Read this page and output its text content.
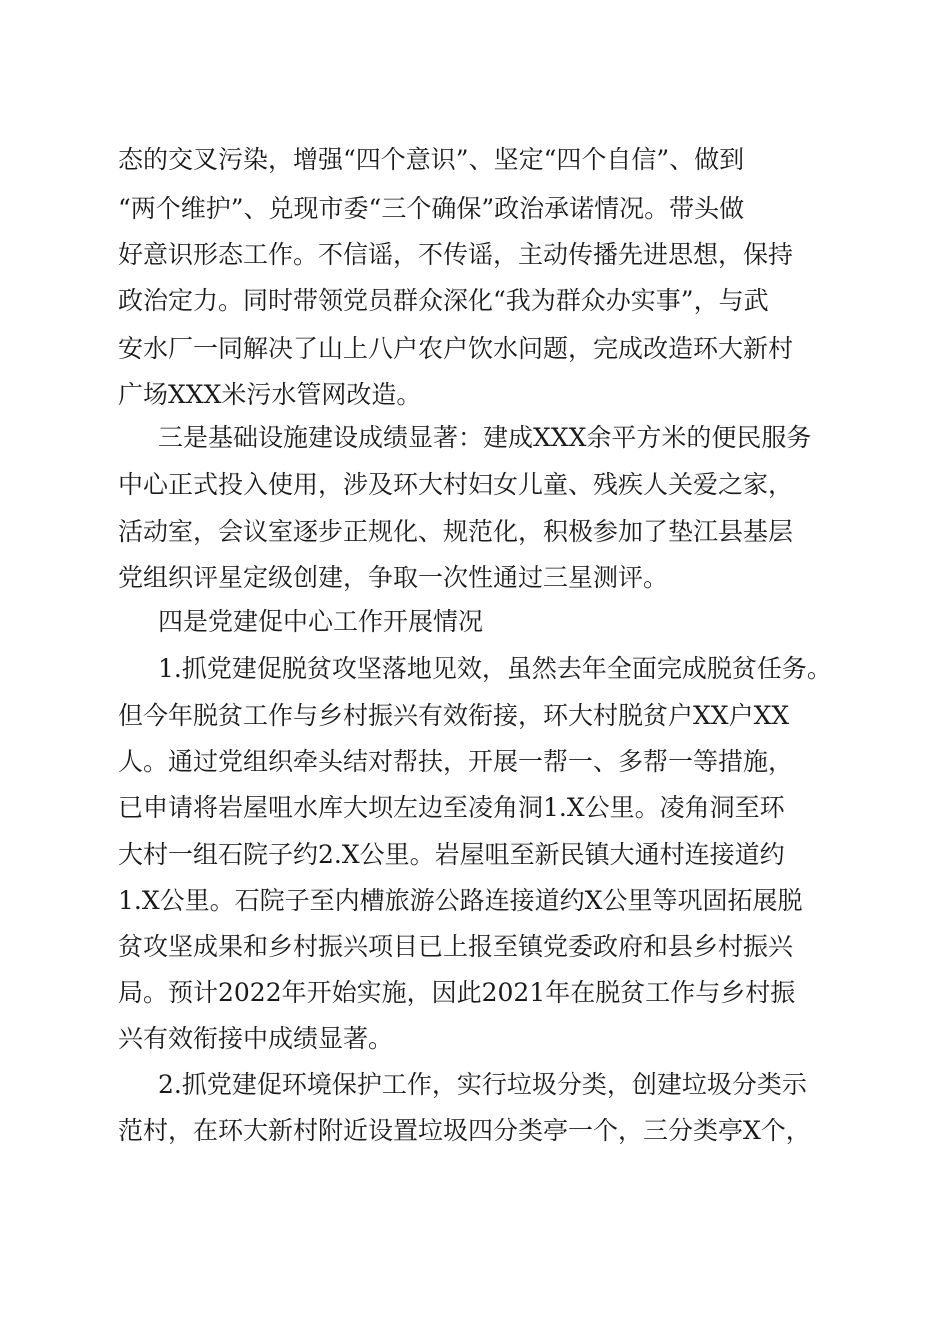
态的交叉污染，增强“四个意识”、坚定“四个自信”、做到
“两个维护”、兑现市委“三个确保”政治承诺情况。带头做
好意识形态工作。不信谣，不传谣，主动传播先进思想，保持
政治定力。同时带领党员群众深化“我为群众办实事”，与武
安水厂一同解决了山上八户农户饮水问题，完成改造环大新村
广场XXX米污水管网改造。
三是基础设施建设成绩显著：建成XXX余平方米的便民服务
中心正式投入使用，涉及环大村妇女儿童、残疾人关爱之家，
活动室，会议室逐步正规化、规范化，积极参加了垫江县基层
党组织评星定级创建，争取一次性通过三星测评。
四是党建促中心工作开展情况
1.抓党建促脱贫攻坚落地见效，虽然去年全面完成脱贫任务。
但今年脱贫工作与乡村振兴有效衔接，环大村脱贫户XX户XX
人。通过党组织牵头结对帮扶，开展一帮一、多帮一等措施，
已申请将岩屋咀水库大坝左边至凌角洞1.X公里。凌角洞至环
大村一组石院子约2.X公里。岩屋咀至新民镇大通村连接道约
1.X公里。石院子至内槽旅游公路连接道约X公里等巩固拓展脱
贫攻坚成果和乡村振兴项目已上报至镇党委政府和县乡村振兴
局。预计2022年开始实施，因此2021年在脱贫工作与乡村振
兴有效衔接中成绩显著。
2.抓党建促环境保护工作，实行垃圾分类，创建垃圾分类示
范村，在环大新村附近设置垃圾四分类亭一个，三分类亭X个，
